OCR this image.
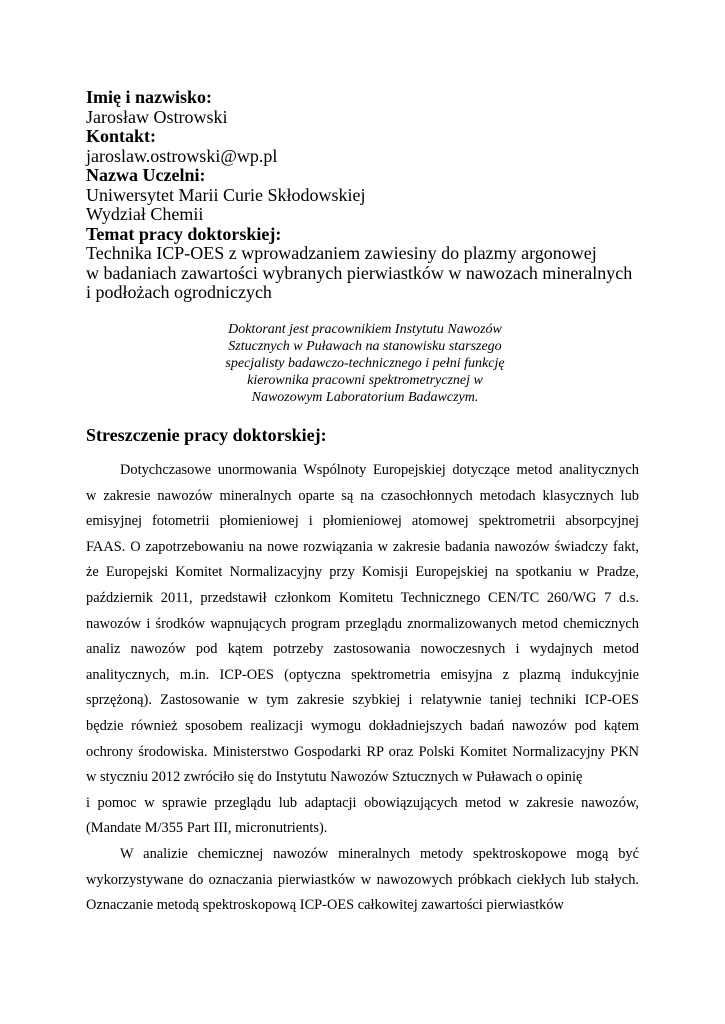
Imię i nazwisko:
Jarosław Ostrowski
Kontakt:
jaroslaw.ostrowski@wp.pl
Nazwa Uczelni:
Uniwersytet Marii Curie Skłodowskiej
Wydział Chemii
Temat pracy doktorskiej:
Technika ICP-OES z wprowadzaniem zawiesiny do plazmy argonowej
w badaniach zawartości wybranych pierwiastków w nawozach mineralnych
i podłożach ogrodniczych
Doktorant jest pracownikiem Instytutu Nawozów
Sztucznych w Puławach na stanowisku starszego
specjalisty badawczo-technicznego i pełni funkcję
kierownika pracowni spektrometrycznej w
Nawozowym Laboratorium Badawczym.
Streszczenie pracy doktorskiej:
Dotychczasowe unormowania Wspólnoty Europejskiej dotyczące metod analitycznych
w zakresie nawozów mineralnych oparte są na czasochłonnych metodach klasycznych lub
emisyjnej fotometrii płomieniowej i płomieniowej atomowej spektrometrii absorpcyjnej
FAAS. O zapotrzebowaniu na nowe rozwiązania w zakresie badania nawozów świadczy fakt,
że Europejski Komitet Normalizacyjny przy Komisji Europejskiej na spotkaniu w Pradze,
październik 2011, przedstawił członkom Komitetu Technicznego CEN/TC 260/WG 7 d.s.
nawozów i środków wapnujących program przeglądu znormalizowanych metod chemicznych
analiz nawozów pod kątem potrzeby zastosowania nowoczesnych i wydajnych metod
analitycznych, m.in. ICP-OES (optyczna spektrometria emisyjna z plazmą indukcyjnie
sprzężoną). Zastosowanie w tym zakresie szybkiej i relatywnie taniej techniki ICP-OES
będzie również sposobem realizacji wymogu dokładniejszych badań nawozów pod kątem
ochrony środowiska. Ministerstwo Gospodarki RP oraz Polski Komitet Normalizacyjny PKN
w styczniu 2012 zwróciło się do Instytutu Nawozów Sztucznych w Puławach o opinię
i pomoc w sprawie przeglądu lub adaptacji obowiązujących metod w zakresie nawozów,
(Mandate M/355 Part III, micronutrients).
W analizie chemicznej nawozów mineralnych metody spektroskopowe mogą być
wykorzystywane do oznaczania pierwiastków w nawozowych próbkach ciekłych lub stałych.
Oznaczanie metodą spektroskopową ICP-OES całkowitej zawartości pierwiastków
